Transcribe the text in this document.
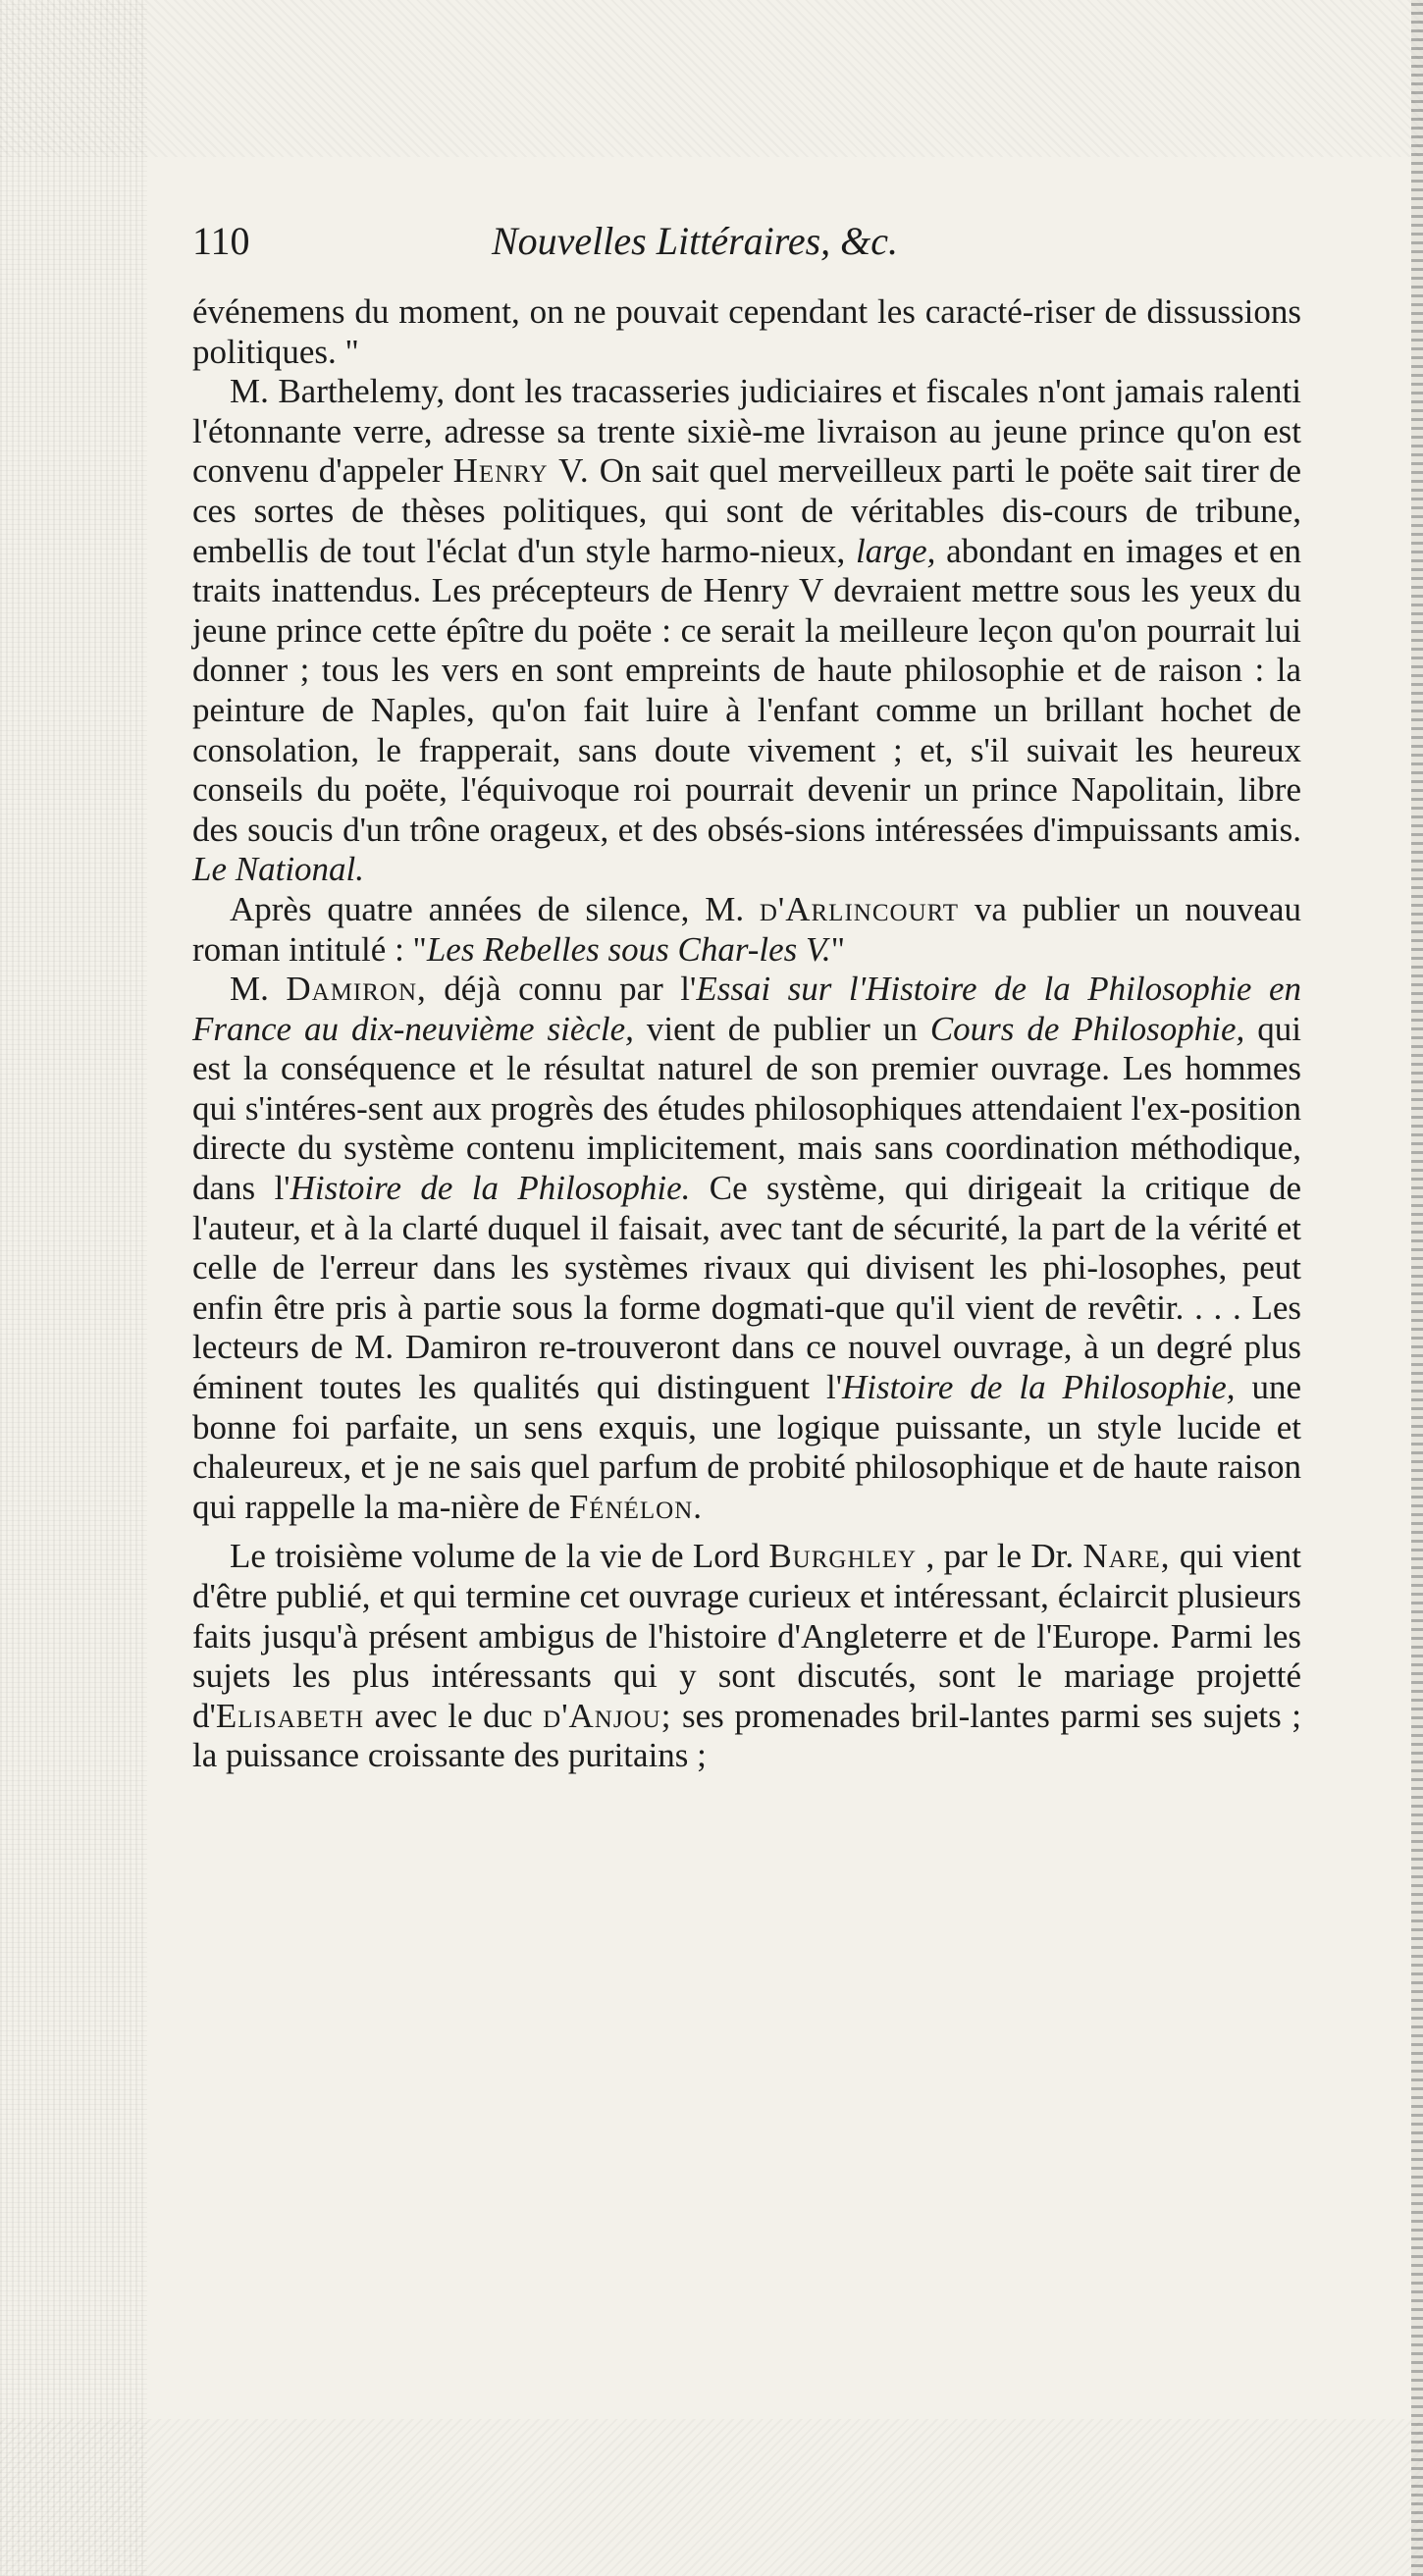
110	Nouvelles Littéraires, &c.

événemens du moment, on ne pouvait cependant les caracté-riser de dissussions politiques. "

M. Barthelemy, dont les tracasseries judiciaires et fiscales n'ont jamais ralenti l'étonnante verre, adresse sa trente sixiè-me livraison au jeune prince qu'on est convenu d'appeler Henry V. On sait quel merveilleux parti le poëte sait tirer de ces sortes de thèses politiques, qui sont de véritables dis-cours de tribune, embellis de tout l'éclat d'un style harmo-nieux, large, abondant en images et en traits inattendus. Les précepteurs de Henry V devraient mettre sous les yeux du jeune prince cette épître du poëte : ce serait la meilleure leçon qu'on pourrait lui donner ; tous les vers en sont empreints de haute philosophie et de raison : la peinture de Naples, qu'on fait luire à l'enfant comme un brillant hochet de consolation, le frapperait, sans doute vivement ; et, s'il suivait les heureux conseils du poëte, l'équivoque roi pourrait devenir un prince Napolitain, libre des soucis d'un trône orageux, et des obsés-sions intéressées d'impuissants amis. Le National.

Après quatre années de silence, M. d'Arlincourt va publier un nouveau roman intitulé : "Les Rebelles sous Char-les V."

M. Damiron, déjà connu par l'Essai sur l'Histoire de la Philosophie en France au dix-neuvième siècle, vient de publier un Cours de Philosophie, qui est la conséquence et le résultat naturel de son premier ouvrage. Les hommes qui s'intéres-sent aux progrès des études philosophiques attendaient l'ex-position directe du système contenu implicitement, mais sans coordination méthodique, dans l'Histoire de la Philosophie. Ce système, qui dirigeait la critique de l'auteur, et à la clarté duquel il faisait, avec tant de sécurité, la part de la vérité et celle de l'erreur dans les systèmes rivaux qui divisent les phi-losophes, peut enfin être pris à partie sous la forme dogmati-que qu'il vient de revêtir. . . . Les lecteurs de M. Damiron re-trouveront dans ce nouvel ouvrage, à un degré plus éminent toutes les qualités qui distinguent l'Histoire de la Philosophie, une bonne foi parfaite, un sens exquis, une logique puissante, un style lucide et chaleureux, et je ne sais quel parfum de probité philosophique et de haute raison qui rappelle la ma-nière de Fénélon.

Le troisième volume de la vie de Lord Burghley , par le Dr. Nare, qui vient d'être publié, et qui termine cet ouvrage curieux et intéressant, éclaircit plusieurs faits jusqu'à présent ambigus de l'histoire d'Angleterre et de l'Europe. Parmi les sujets les plus intéressants qui y sont discutés, sont le mariage projetté d'Elisabeth avec le duc d'Anjou; ses promenades bril-lantes parmi ses sujets ; la puissance croissante des puritains ;
